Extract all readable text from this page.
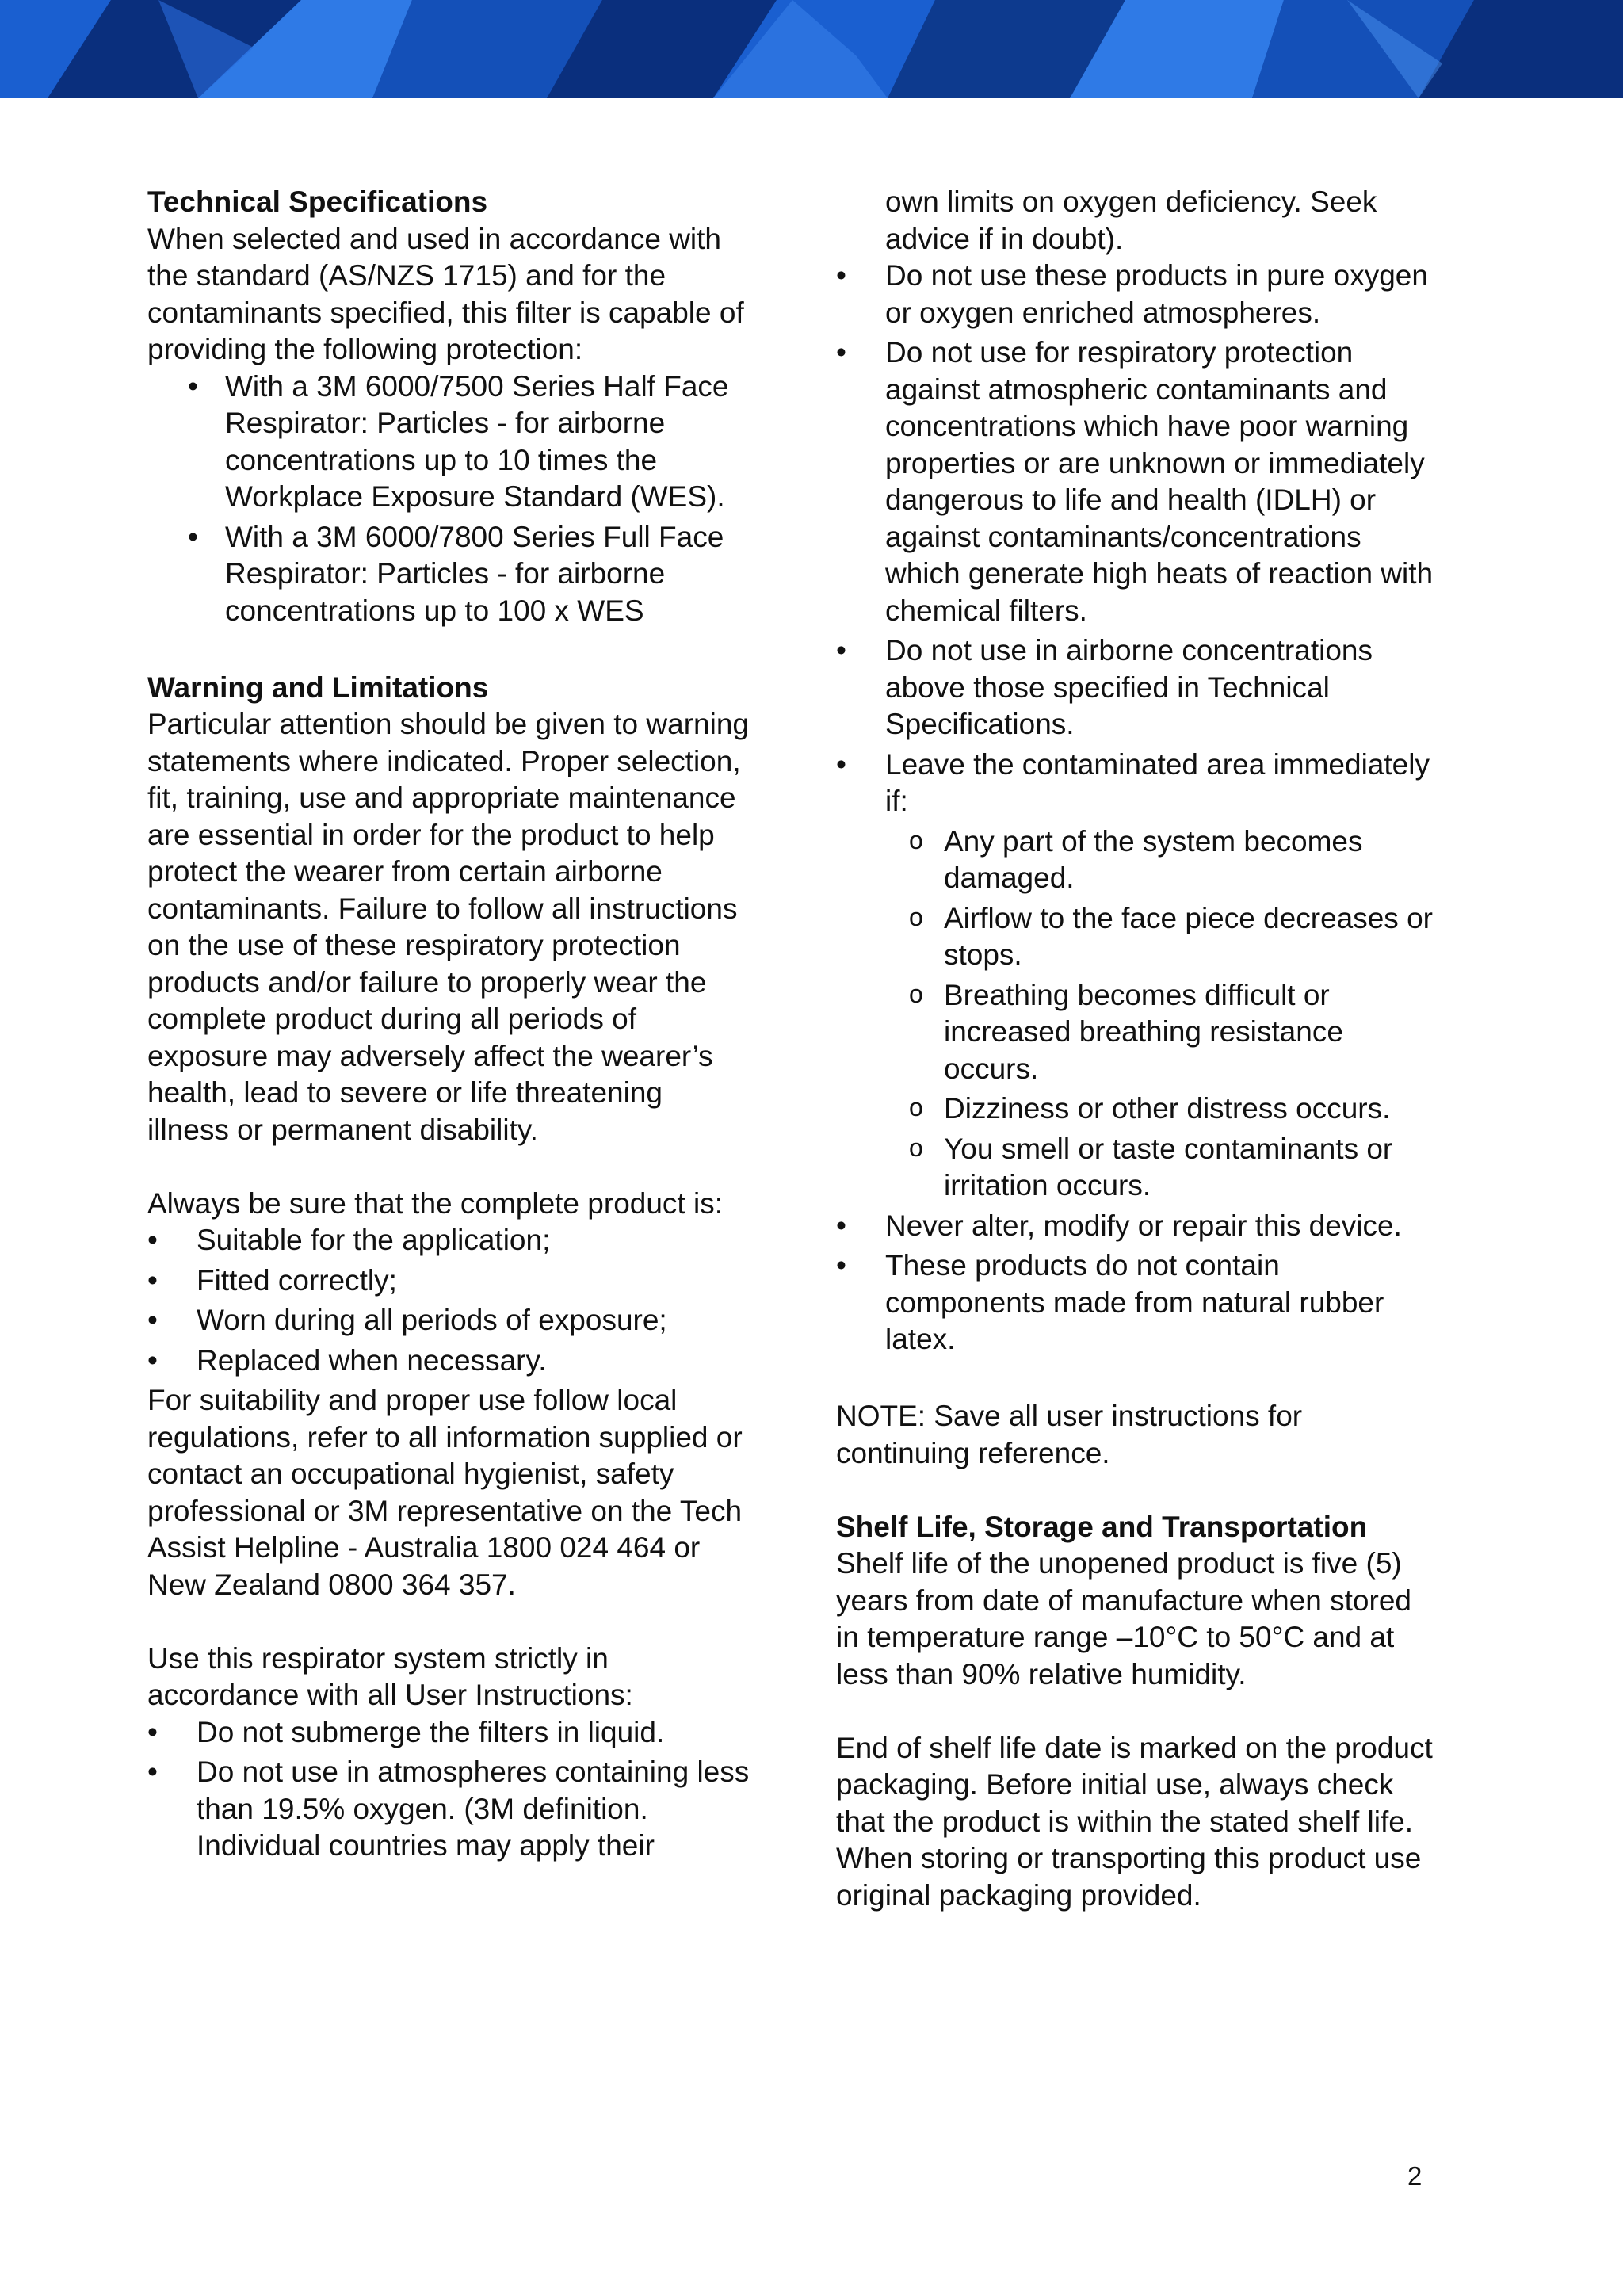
Technical Specifications

When selected and used in accordance with the standard (AS/NZS 1715) and for the contaminants specified, this filter is capable of providing the following protection:

• With a 3M 6000/7500 Series Half Face Respirator: Particles - for airborne concentrations up to 10 times the Workplace Exposure Standard (WES).
• With a 3M 6000/7800 Series Full Face Respirator: Particles - for airborne concentrations up to 100 x WES

Warning and Limitations

Particular attention should be given to warning statements where indicated. Proper selection, fit, training, use and appropriate maintenance are essential in order for the product to help protect the wearer from certain airborne contaminants. Failure to follow all instructions on the use of these respiratory protection products and/or failure to properly wear the complete product during all periods of exposure may adversely affect the wearer’s health, lead to severe or life threatening illness or permanent disability.

Always be sure that the complete product is:

• Suitable for the application;
• Fitted correctly;
• Worn during all periods of exposure;
• Replaced when necessary.

For suitability and proper use follow local regulations, refer to all information supplied or contact an occupational hygienist, safety professional or 3M representative on the Tech Assist Helpline - Australia 1800 024 464 or New Zealand 0800 364 357.

Use this respirator system strictly in accordance with all User Instructions:

• Do not submerge the filters in liquid.
• Do not use in atmospheres containing less than 19.5% oxygen. (3M definition. Individual countries may apply their

own limits on oxygen deficiency. Seek advice if in doubt).

• Do not use these products in pure oxygen or oxygen enriched atmospheres.
• Do not use for respiratory protection against atmospheric contaminants and concentrations which have poor warning properties or are unknown or immediately dangerous to life and health (IDLH) or against contaminants/concentrations which generate high heats of reaction with chemical filters.
• Do not use in airborne concentrations above those specified in Technical Specifications.
• Leave the contaminated area immediately if:
o Any part of the system becomes damaged.
o Airflow to the face piece decreases or stops.
o Breathing becomes difficult or increased breathing resistance occurs.
o Dizziness or other distress occurs.
o You smell or taste contaminants or irritation occurs.
• Never alter, modify or repair this device.
• These products do not contain components made from natural rubber latex.

NOTE: Save all user instructions for continuing reference.

Shelf Life, Storage and Transportation

Shelf life of the unopened product is five (5) years from date of manufacture when stored in temperature range –10°C to 50°C and at less than 90% relative humidity.

End of shelf life date is marked on the product packaging. Before initial use, always check that the product is within the stated shelf life. When storing or transporting this product use original packaging provided.

2
